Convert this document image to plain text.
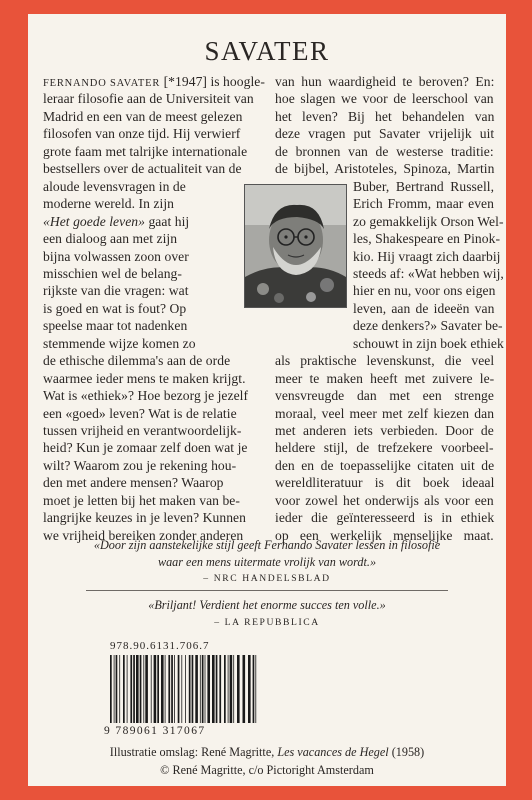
SAVATER
FERNANDO SAVATER [*1947] is hoogle-
leraar filosofie aan de Universiteit van
Madrid en een van de meest gelezen
filosofen van onze tijd. Hij verwierf
grote faam met talrijke internationale
bestsellers over de actualiteit van de
aloude levensvragen in de
moderne wereld. In zijn
«Het goede leven» gaat hij
een dialoog aan met zijn
bijna volwassen zoon over
misschien wel de belang-
rijkste van die vragen: wat
is goed en wat is fout? Op
speelse maar tot nadenken
stemmende wijze komen zo
de ethische dilemma's aan de orde
waarmee ieder mens te maken krijgt.
Wat is «ethiek»? Hoe bezorg je jezelf
een «goed» leven? Wat is de relatie
tussen vrijheid en verantwoordelijk-
heid? Kun je zomaar zelf doen wat je
wilt? Waarom zou je rekening hou-
den met andere mensen? Waarop
moet je letten bij het maken van be-
langrijke keuzes in je leven? Kunnen
we vrijheid bereiken zonder anderen
van hun waardigheid te beroven? En:
hoe slagen we voor de leerschool van
het leven? Bij het behandelen van
deze vragen put Savater vrijelijk uit
de bronnen van de westerse traditie:
de bijbel, Aristoteles, Spinoza, Martin
Buber, Bertrand Russell,
Erich Fromm, maar even
zo gemakkelijk Orson Wel-
les, Shakespeare en Pinok-
kio. Hij vraagt zich daarbij
steeds af: «Wat hebben wij,
hier en nu, voor ons eigen
leven, aan de ideeën van
deze denkers?» Savater be-
schouwt in zijn boek ethiek
als praktische levenskunst, die veel
meer te maken heeft met zuivere le-
vensvreugde dan met een strenge
moraal, veel meer met zelf kiezen dan
met anderen iets verbieden. Door de
heldere stijl, de trefzekere voorbeel-
den en de toepasselijke citaten uit de
wereldliteratuur is dit boek ideaal
voor zowel het onderwijs als voor een
ieder die geïnteresseerd is in ethiek
op een werkelijk menselijke maat.
«Door zijn aanstekelijke stijl geeft Fernando Savater lessen in filosofie
waar een mens uitermate vrolijk van wordt.»
– NRC HANDELSBLAD
«Briljant! Verdient het enorme succes ten volle.»
– LA REPUBBLICA
978.90.6131.706.7
9 789061 317067
Illustratie omslag: René Magritte, Les vacances de Hegel (1958)
© René Magritte, c/o Pictoright Amsterdam
